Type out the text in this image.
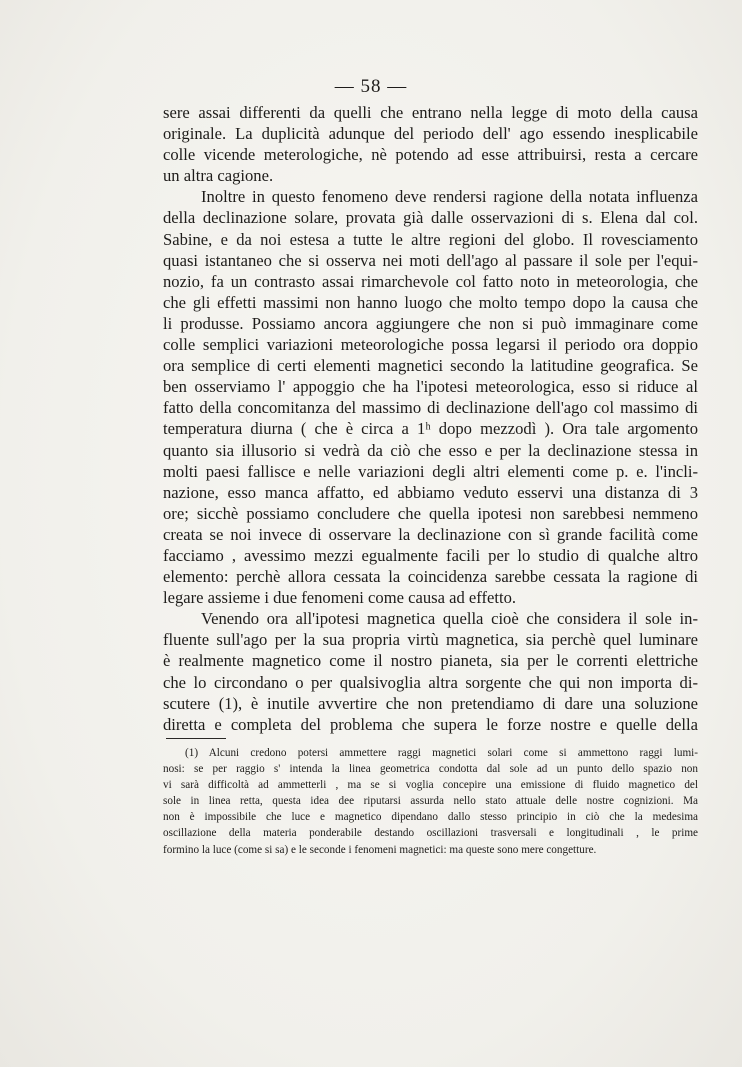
— 58 —
sere assai differenti da quelli che entrano nella legge di moto della causa
originale. La duplicità adunque del periodo dell' ago essendo inesplicabile
colle vicende meterologiche, nè potendo ad esse attribuirsi, resta a cercare
un altra cagione.
Inoltre in questo fenomeno deve rendersi ragione della notata influenza
della declinazione solare, provata già dalle osservazioni di s. Elena dal col.
Sabine, e da noi estesa a tutte le altre regioni del globo. Il rovesciamento
quasi istantaneo che si osserva nei moti dell'ago al passare il sole per l'equi-
nozio, fa un contrasto assai rimarchevole col fatto noto in meteorologia, che
che gli effetti massimi non hanno luogo che molto tempo dopo la causa che
li produsse. Possiamo ancora aggiungere che non si può immaginare come
colle semplici variazioni meteorologiche possa legarsi il periodo ora doppio
ora semplice di certi elementi magnetici secondo la latitudine geografica. Se
ben osserviamo l' appoggio che ha l'ipotesi meteorologica, esso si riduce al
fatto della concomitanza del massimo di declinazione dell'ago col massimo di
temperatura diurna ( che è circa a 1ʰ dopo mezzodì ). Ora tale argomento
quanto sia illusorio si vedrà da ciò che esso e per la declinazione stessa in
molti paesi fallisce e nelle variazioni degli altri elementi come p. e. l'incli-
nazione, esso manca affatto, ed abbiamo veduto esservi una distanza di 3
ore; sicchè possiamo concludere che quella ipotesi non sarebbesi nemmeno
creata se noi invece di osservare la declinazione con sì grande facilità come
facciamo , avessimo mezzi egualmente facili per lo studio di qualche altro
elemento: perchè allora cessata la coincidenza sarebbe cessata la ragione di
legare assieme i due fenomeni come causa ad effetto.
Venendo ora all'ipotesi magnetica quella cioè che considera il sole in-
fluente sull'ago per la sua propria virtù magnetica, sia perchè quel luminare
è realmente magnetico come il nostro pianeta, sia per le correnti elettriche
che lo circondano o per qualsivoglia altra sorgente che qui non importa di-
scutere (1), è inutile avvertire che non pretendiamo di dare una soluzione
diretta e completa del problema che supera le forze nostre e quelle della
(1) Alcuni credono potersi ammettere raggi magnetici solari come si ammettono raggi lumi-
nosi: se per raggio s' intenda la linea geometrica condotta dal sole ad un punto dello spazio non
vi sarà difficoltà ad ammetterli , ma se si voglia concepire una emissione di fluido magnetico del
sole in linea retta, questa idea dee riputarsi assurda nello stato attuale delle nostre cognizioni. Ma
non è impossibile che luce e magnetico dipendano dallo stesso principio in ciò che la medesima
oscillazione della materia ponderabile destando oscillazioni trasversali e longitudinali , le prime
formino la luce (come si sa) e le seconde i fenomeni magnetici: ma queste sono mere congetture.
